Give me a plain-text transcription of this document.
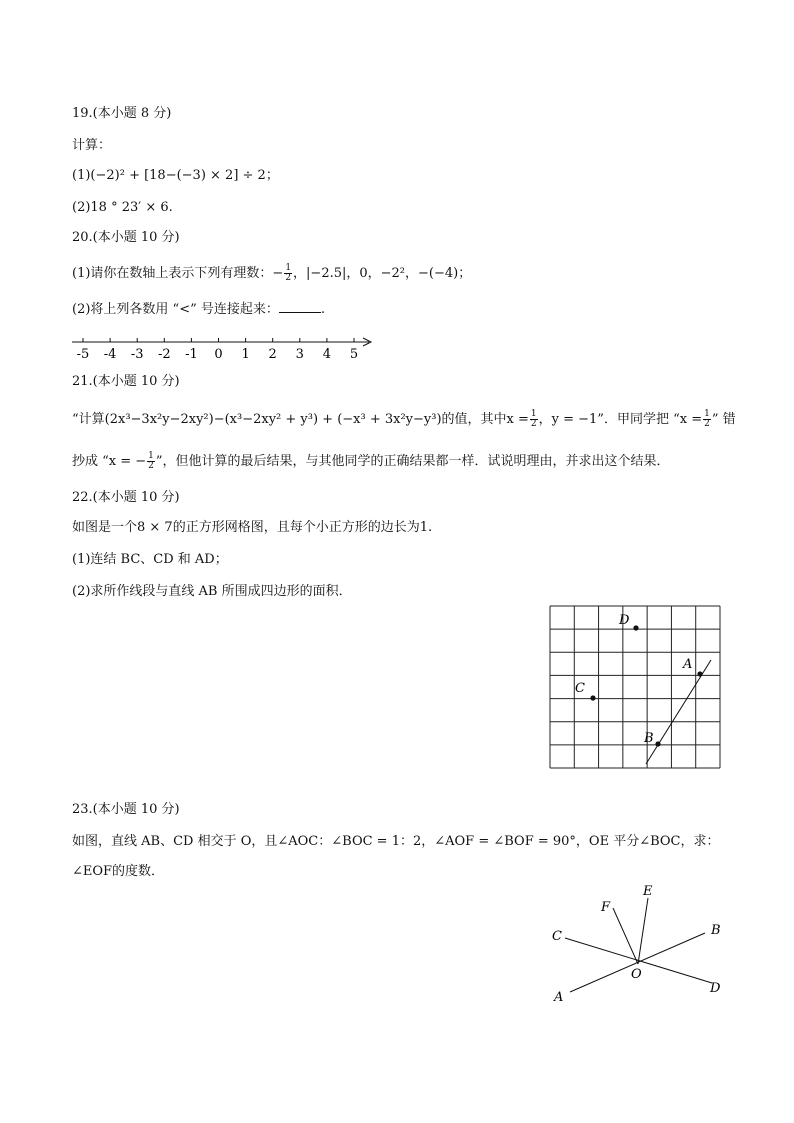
19.(本小题 8 分)
计算：
(1)(−2)² + [18−(−3) × 2] ÷ 2；
(2)18 ° 23′ × 6.
20.(本小题 10 分)
(1)请你在数轴上表示下列有理数：− $\frac{1}{2}$ ，|−2.5|，0，−2²，−(−4)；
(2)将上列各数用 “<” 号连接起来：	.
-5 -4 -3 -2 -1 0 1 2 3 4 5
21.(本小题 10 分)
“计算(2x³−3x²y−2xy²)−(x³−2xy² + y³) + (−x³ + 3x²y−y³)的值，其中$x = \frac{1}{2}$ ，y = −1”．甲同学把 “$x = \frac{1}{2}$ ” 错
抄成 “x = − $\frac{1}{2}$ ”，但他计算的最后结果，与其他同学的正确结果都一样．试说明理由，并求出这个结果．
22.(本小题 10 分)
如图是一个8 × 7的正方形网格图，且每个小正方形的边长为1.
(1)连结 BC、CD 和 AD；
(2)求所作线段与直线 AB 所围成四边形的面积．
D
C
A
B
23.(本小题 10 分)
如图，直线 AB、CD 相交于 O，且∠AOC：∠BOC = 1：2，∠AOF = ∠BOF = 90°，OE 平分∠BOC，求：
∠EOF的度数．
E
F
C	B
O
D
A
